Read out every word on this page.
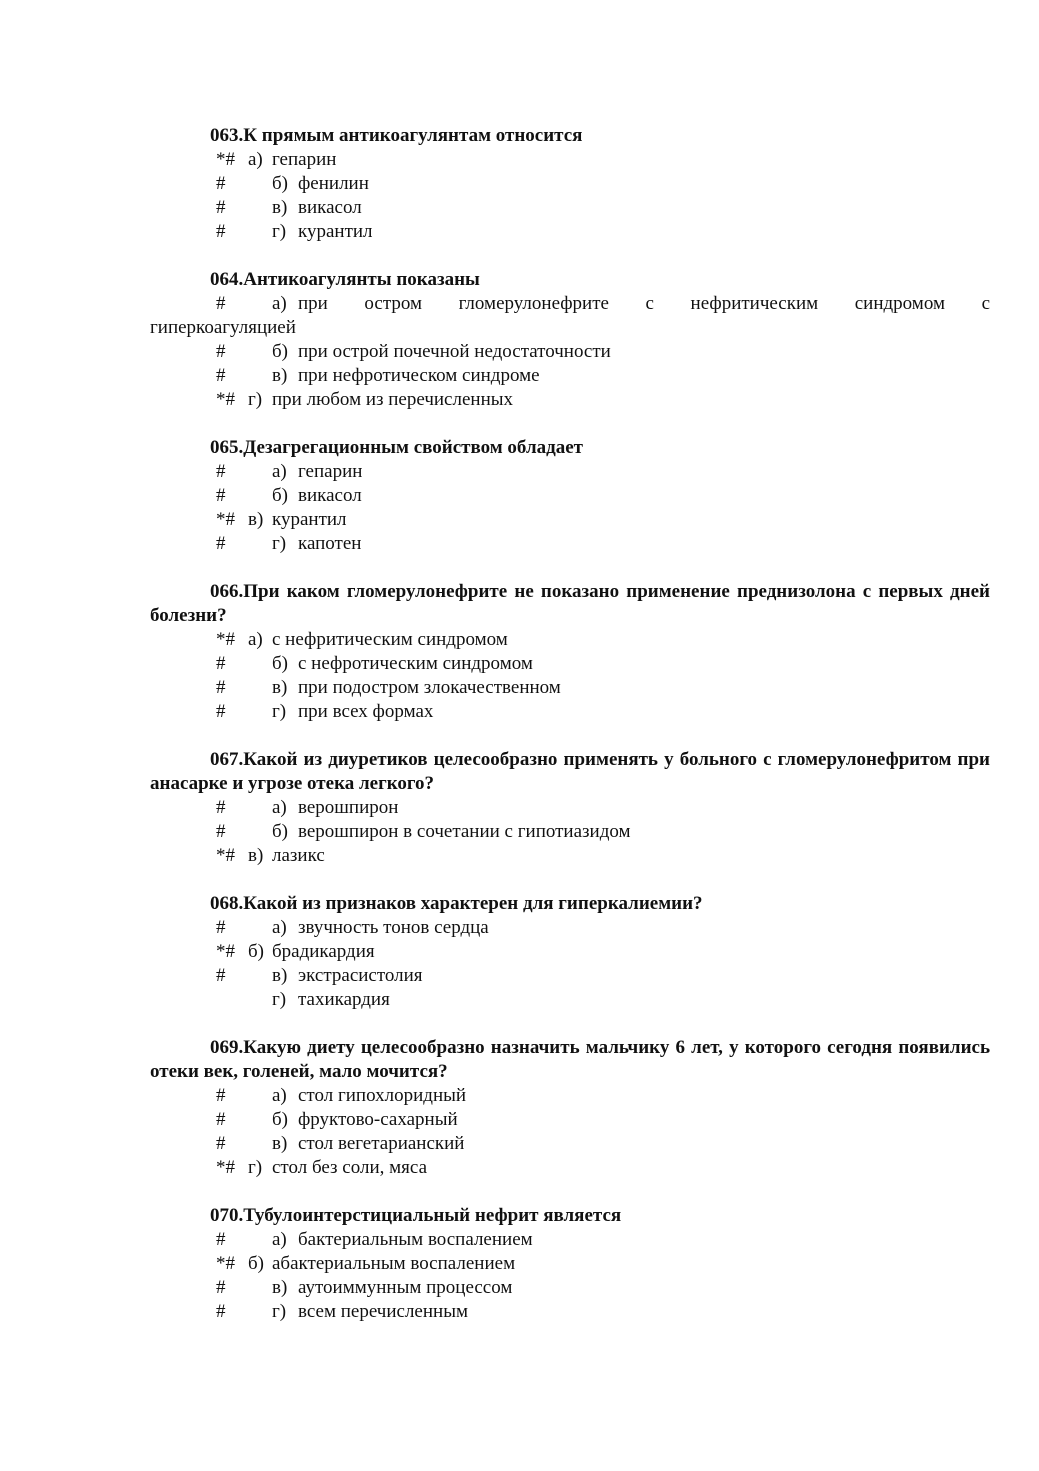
063.К прямым антикоагулянтам относится
*# а) гепарин
# б) фенилин
# в) викасол
# г) курантил
064.Антикоагулянты показаны
# а) при остром гломерулонефрите с нефритическим синдромом с
гиперкоагуляцией
# б) при острой почечной недостаточности
# в) при нефротическом синдроме
*# г) при любом из перечисленных
065.Дезагрегационным свойством обладает
# а) гепарин
# б) викасол
*# в) курантил
# г) капотен
066.При каком гломерулонефрите не показано применение преднизолона с первых дней болезни?
*# а) с нефритическим синдромом
# б) с нефротическим синдромом
# в) при подостром злокачественном
# г) при всех формах
067.Какой из диуретиков целесообразно применять у больного с гломерулонефритом при анасарке и угрозе отека легкого?
# а) верошпирон
# б) верошпирон в сочетании с гипотиазидом
*# в) лазикс
068.Какой из признаков характерен для гиперкалиемии?
# а) звучность тонов сердца
*# б) брадикардия
# в) экстрасистолия
г) тахикардия
069.Какую диету целесообразно назначить мальчику 6 лет, у которого сегодня появились отеки век, голеней, мало мочится?
# а) стол гипохлоридный
# б) фруктово-сахарный
# в) стол вегетарианский
*# г) стол без соли, мяса
070.Тубулоинтерстициальный нефрит является
# а) бактериальным воспалением
*# б) абактериальным воспалением
# в) аутоиммунным процессом
# г) всем перечисленным
